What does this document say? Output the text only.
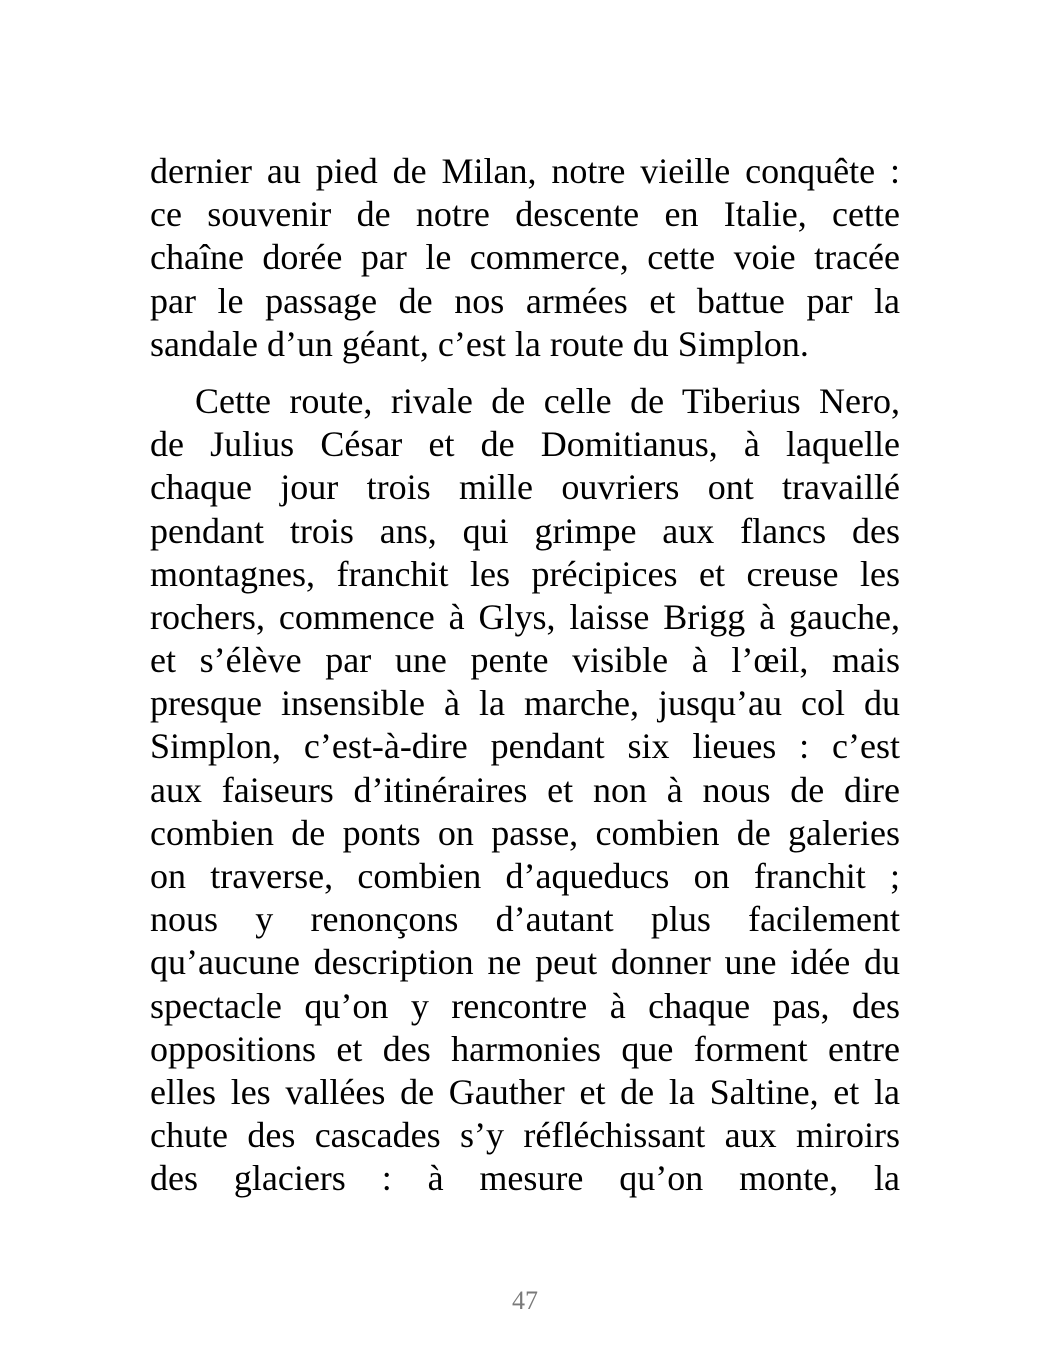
dernier au pied de Milan, notre vieille conquête :
ce souvenir de notre descente en Italie, cette
chaîne dorée par le commerce, cette voie tracée
par le passage de nos armées et battue par la
sandale d’un géant, c’est la route du Simplon.
Cette route, rivale de celle de Tiberius Nero,
de Julius César et de Domitianus, à laquelle
chaque jour trois mille ouvriers ont travaillé
pendant trois ans, qui grimpe aux flancs des
montagnes, franchit les précipices et creuse les
rochers, commence à Glys, laisse Brigg à gauche,
et s’élève par une pente visible à l’œil, mais
presque insensible à la marche, jusqu’au col du
Simplon, c’est-à-dire pendant six lieues : c’est
aux faiseurs d’itinéraires et non à nous de dire
combien de ponts on passe, combien de galeries
on traverse, combien d’aqueducs on franchit ;
nous y renonçons d’autant plus facilement
qu’aucune description ne peut donner une idée du
spectacle qu’on y rencontre à chaque pas, des
oppositions et des harmonies que forment entre
elles les vallées de Gauther et de la Saltine, et la
chute des cascades s’y réfléchissant aux miroirs
des glaciers : à mesure qu’on monte, la
47
